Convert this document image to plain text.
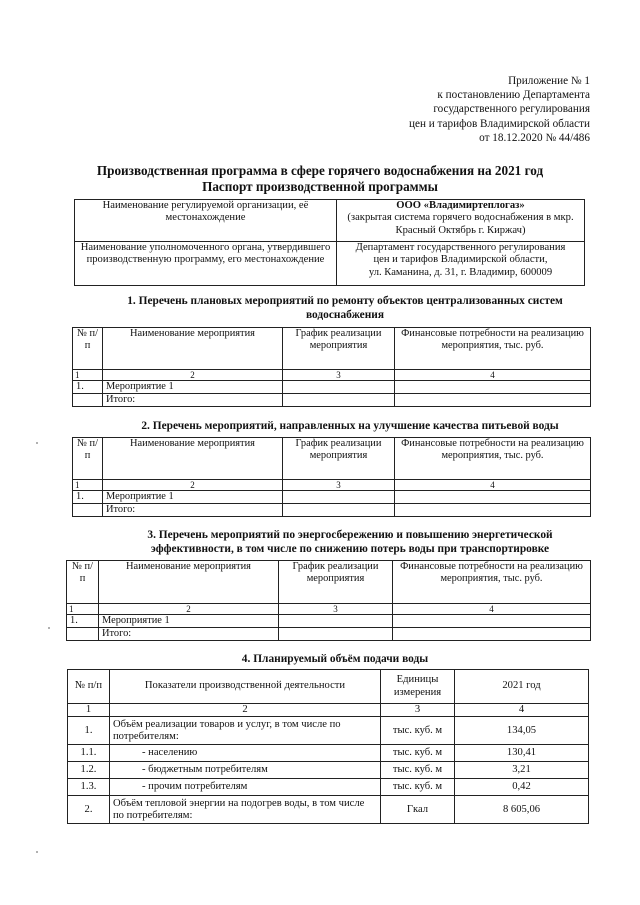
Приложение № 1
к постановлению Департамента
государственного регулирования
цен и тарифов Владимирской области
от 18.12.2020 № 44/486
Производственная программа в сфере горячего водоснабжения на 2021 год
Паспорт производственной программы
Наименование регулируемой организации, её местонахождение	ООО «Владимиртеплогаз»
(закрытая система горячего водоснабжения в мкр. Красный Октябрь г. Киржач)

Наименование уполномоченного органа, утвердившего производственную программу, его местонахождение	Департамент государственного регулирования
цен и тарифов Владимирской области,
ул. Каманина, д. 31, г. Владимир, 600009
1. Перечень плановых мероприятий по ремонту объектов централизованных систем водоснабжения
№ п/п	Наименование мероприятия	График реализации мероприятия	Финансовые потребности на реализацию мероприятия, тыс. руб.
1	2	3	4
1.	Мероприятие 1		
	Итого:		
2. Перечень мероприятий, направленных на улучшение качества питьевой воды
№ п/п	Наименование мероприятия	График реализации мероприятия	Финансовые потребности на реализацию мероприятия, тыс. руб.
1	2	3	4
1.	Мероприятие 1		
	Итого:		
3. Перечень мероприятий по энергосбережению и повышению энергетической
эффективности, в том числе по снижению потерь воды при транспортировке
№ п/п	Наименование мероприятия	График реализации мероприятия	Финансовые потребности на реализацию мероприятия, тыс. руб.
1	2	3	4
1.	Мероприятие 1		
	Итого:		
4. Планируемый объём подачи воды
№ п/п	Показатели производственной деятельности	Единицы измерения	2021 год
1	2	3	4
1.	Объём реализации товаров и услуг, в том числе по потребителям:	тыс. куб. м	134,05
1.1.	- населению	тыс. куб. м	130,41
1.2.	- бюджетным потребителям	тыс. куб. м	3,21
1.3.	- прочим потребителям	тыс. куб. м	0,42
2.	Объём тепловой энергии на подогрев воды, в том числе по потребителям:	Гкал	8 605,06
